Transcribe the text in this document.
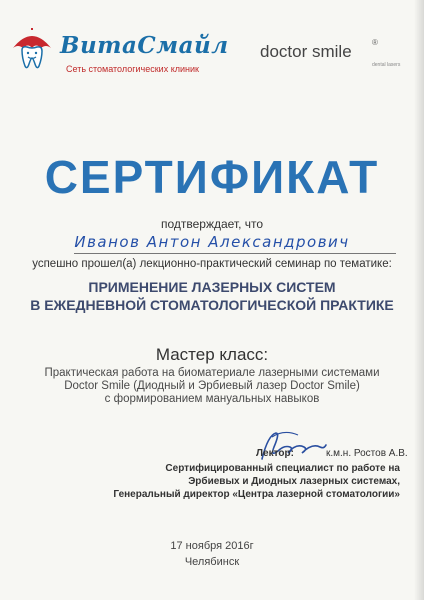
ВитаСмайл
Сеть стоматологических клиник
doctor smile	®
dental lasers
СЕРТИФИКАТ
подтверждает, что
Иванов Антон Александрович
успешно прошел(а) лекционно-практический семинар по тематике:
ПРИМЕНЕНИЕ ЛАЗЕРНЫХ СИСТЕМ
В ЕЖЕДНЕВНОЙ СТОМАТОЛОГИЧЕСКОЙ ПРАКТИКЕ
Мастер класс:
Практическая работа на биоматериале лазерными системами
Doctor Smile (Диодный и Эрбиевый лазер Doctor Smile)
с формированием мануальных навыков
Лектор:	к.м.н. Ростов А.В.
Сертифицированный специалист по работе на
Эрбиевых и Диодных лазерных системах,
Генеральный директор «Центра лазерной стоматологии»
17 ноября 2016г
Челябинск
